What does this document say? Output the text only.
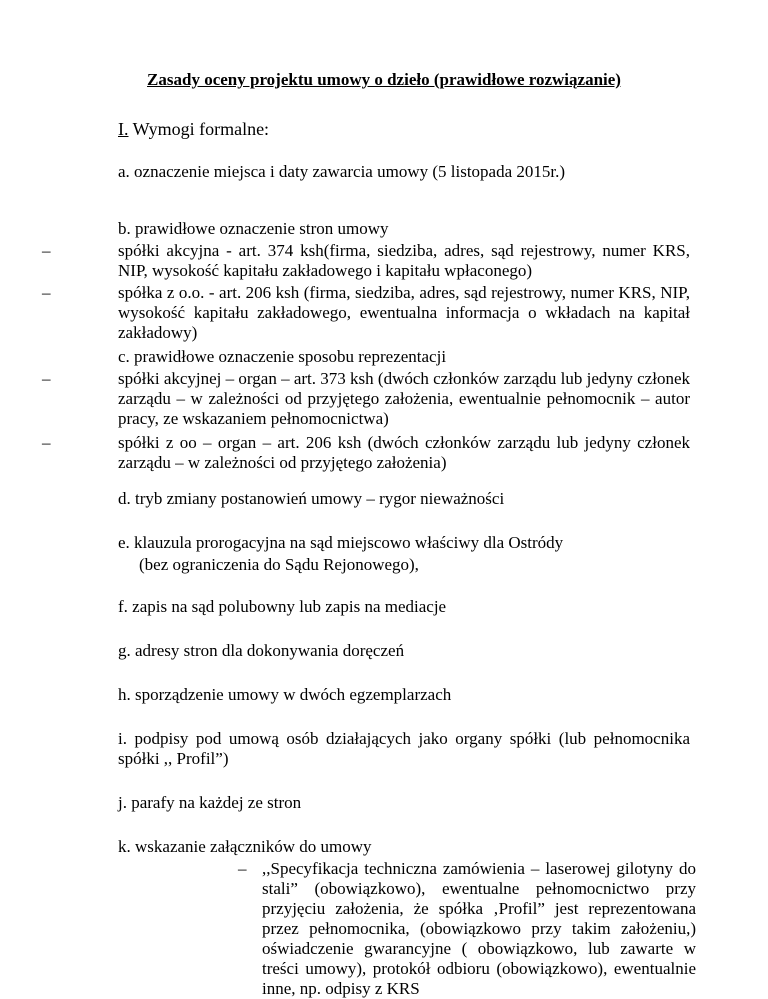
Zasady oceny projektu umowy o dzieło (prawidłowe rozwiązanie)
I. Wymogi formalne:
a. oznaczenie miejsca i daty zawarcia umowy (5 listopada 2015r.)
b. prawidłowe oznaczenie stron umowy
–	spółki akcyjna - art. 374 ksh(firma, siedziba, adres, sąd rejestrowy, numer KRS, NIP, wysokość kapitału zakładowego i kapitału wpłaconego)
–	spółka z o.o. - art. 206 ksh (firma, siedziba, adres, sąd rejestrowy, numer KRS, NIP, wysokość kapitału zakładowego, ewentualna informacja o wkładach na kapitał zakładowy)
c. prawidłowe oznaczenie sposobu reprezentacji
–	spółki akcyjnej – organ – art. 373 ksh (dwóch członków zarządu lub jedyny członek zarządu – w zależności od przyjętego założenia, ewentualnie pełnomocnik – autor pracy, ze wskazaniem pełnomocnictwa)
–	spółki z oo – organ – art. 206 ksh (dwóch członków zarządu lub jedyny członek zarządu – w zależności od przyjętego założenia)
d. tryb zmiany postanowień umowy – rygor nieważności
e. klauzula prorogacyjna na sąd miejscowo właściwy dla Ostródy
(bez ograniczenia do Sądu Rejonowego),
f. zapis na sąd polubowny lub zapis na mediacje
g. adresy stron dla dokonywania doręczeń
h. sporządzenie umowy w dwóch egzemplarzach
i. podpisy pod umową osób działających jako organy spółki (lub pełnomocnika spółki ,, Profil”)
j. parafy na każdej ze stron
k. wskazanie załączników do umowy
– ,,Specyfikacja techniczna zamówienia – laserowej gilotyny do stali” (obowiązkowo), ewentualne pełnomocnictwo przy przyjęciu założenia, że spółka ‚Profil” jest reprezentowana przez pełnomocnika, (obowiązkowo przy takim założeniu,) oświadczenie gwarancyjne ( obowiązkowo, lub zawarte w treści umowy), protokół odbioru (obowiązkowo), ewentualnie inne, np. odpisy z KRS
